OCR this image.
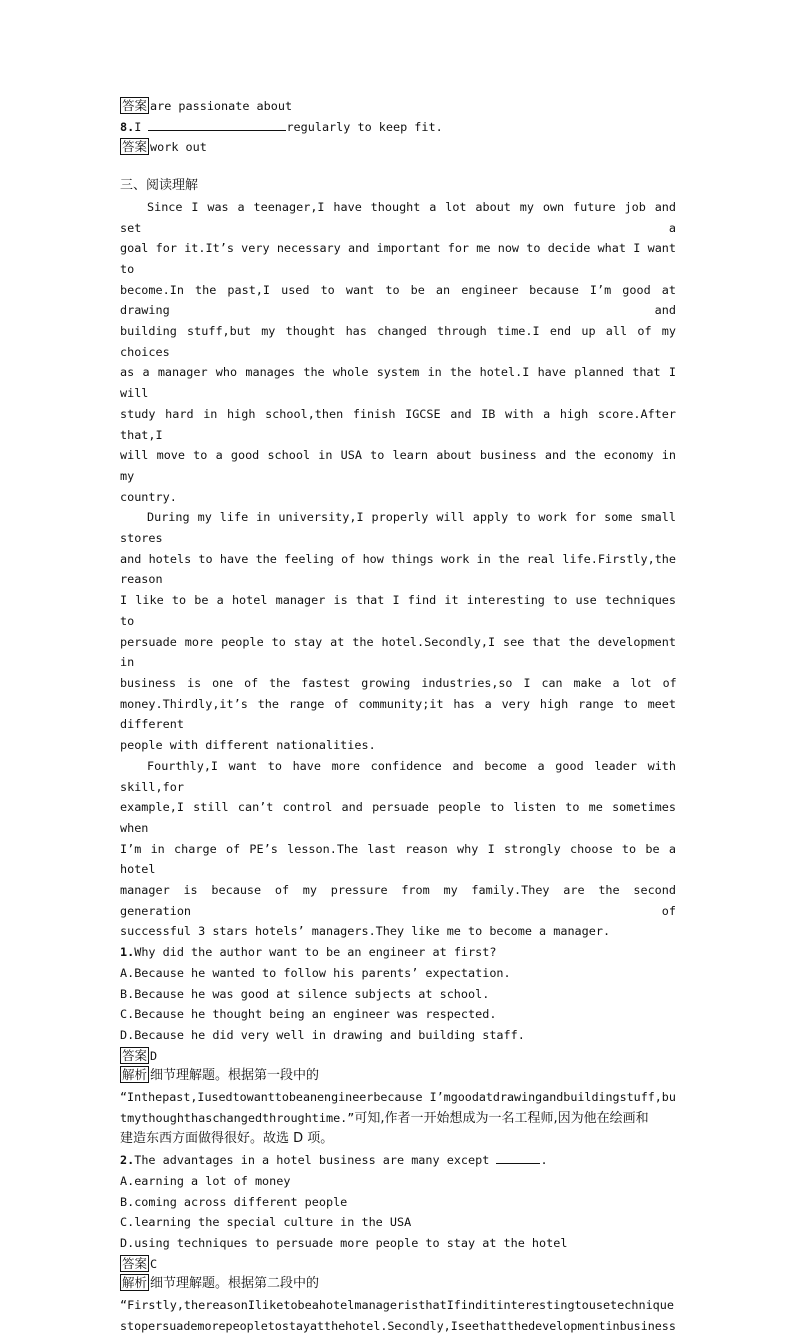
答案 are passionate about
8.I	regularly to keep fit.
答案 work out
三、阅读理解
Since I was a teenager,I have thought a lot about my own future job and set a
goal for it.It’s very necessary and important for me now to decide what I want to
become.In the past,I used to want to be an engineer because I’m good at drawing and
building stuff,but my thought has changed through time.I end up all of my choices
as a manager who manages the whole system in the hotel.I have planned that I will
study hard in high school,then finish IGCSE and IB with a high score.After that,I
will move to a good school in USA to learn about business and the economy in my
country.
During my life in university,I properly will apply to work for some small stores
and hotels to have the feeling of how things work in the real life.Firstly,the reason
I like to be a hotel manager is that I find it interesting to use techniques to
persuade more people to stay at the hotel.Secondly,I see that the development in
business is one of the fastest growing industries,so I can make a lot of
money.Thirdly,it’s the range of community;it has a very high range to meet different
people with different nationalities.
Fourthly,I want to have more confidence and become a good leader with skill,for
example,I still can’t control and persuade people to listen to me sometimes when
I’m in charge of PE’s lesson.The last reason why I strongly choose to be a hotel
manager is because of my pressure from my family.They are the second generation of
successful 3 stars hotels’ managers.They like me to become a manager.
1.Why did the author want to be an engineer at first?
A.Because he wanted to follow his parents’ expectation.
B.Because he was good at silence subjects at school.
C.Because he thought being an engineer was respected.
D.Because he did very well in drawing and building staff.
答案 D
解析 细节理解题。根据第一段中的
“Inthepast,Iusedtowanttobeanengineerbecause I’mgoodatdrawingandbuildingstuff,bu
tmythoughthaschangedthroughtime.”可知,作者一开始想成为一名工程师,因为他在绘画和
建造东西方面做得很好。故选 D 项。
2.The advantages in a hotel business are many except	.
A.earning a lot of money
B.coming across different people
C.learning the special culture in the USA
D.using techniques to persuade more people to stay at the hotel
答案 C
解析 细节理解题。根据第二段中的
“Firstly,thereasonIliketobeahotelmanageristhatIfinditinterestingtousetechnique
stopersuademorepeopletostayatthehotel.Secondly,Iseethatthedevelopmentinbusiness
